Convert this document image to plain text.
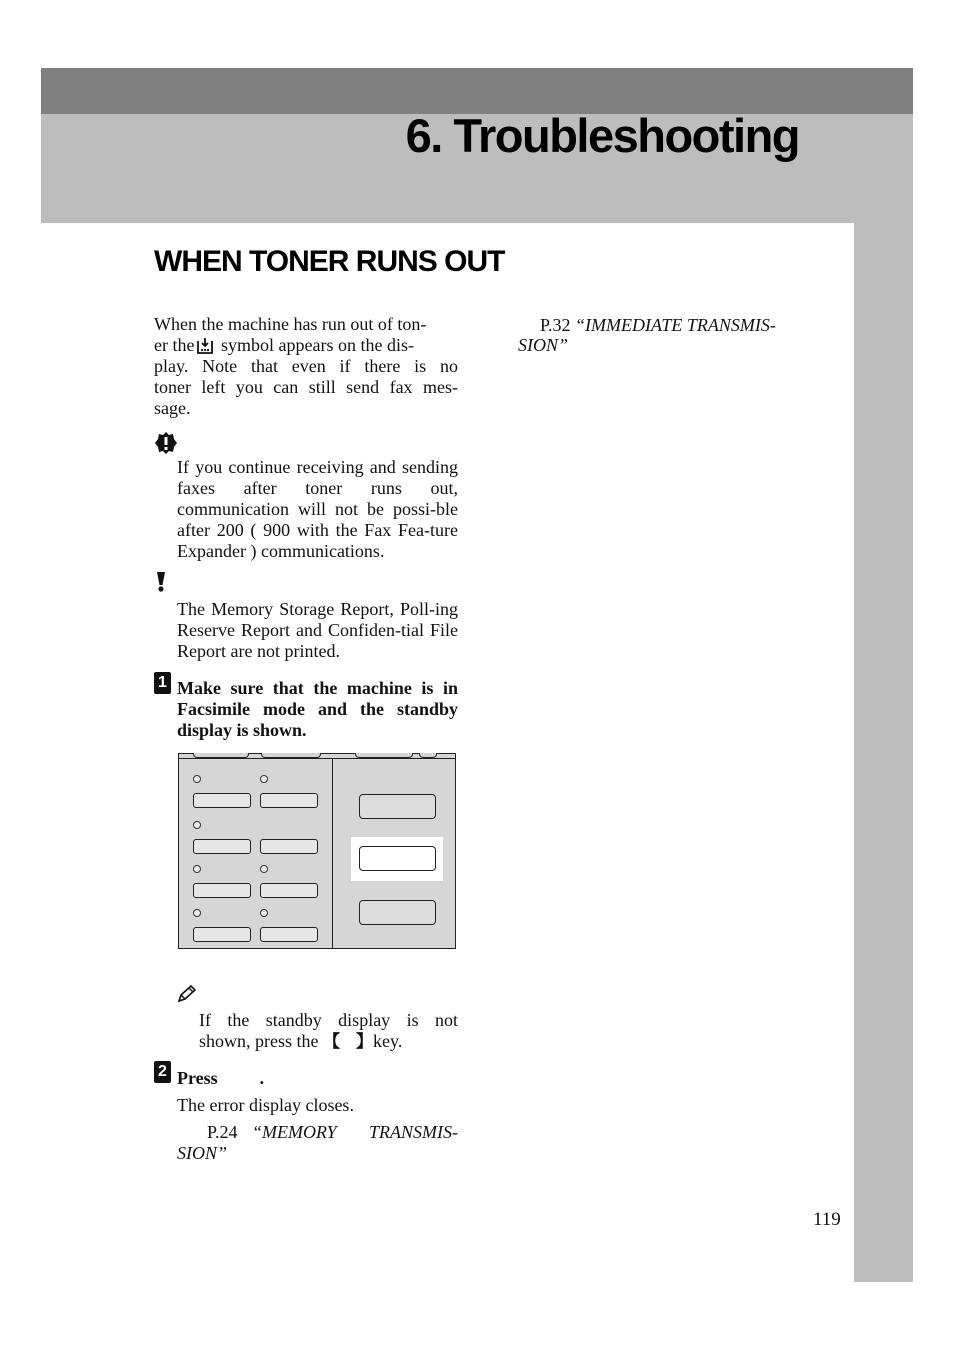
6. Troubleshooting
WHEN TONER RUNS OUT

When the machine has run out of ton-

er the symbol appears on the dis-

play. Note that even if there is no

toner left you can still send fax mes-

sage.

If you continue receiving and sending faxes after toner runs out, communication will not be possi-ble after 200 ( 900 with the Fax Fea-ture Expander ) communications.

The Memory Storage Report, Poll-ing Reserve Report and Confiden-tial File Report are not printed.

1 Make sure that the machine is in Facsimile mode and the standby display is shown.

If the standby display is not

shown, press the 【 】key.

2 Press .

The error display closes.

P.24 “MEMORY TRANSMIS-

P.32 “IMMEDIATE TRANSMIS-

SION”

119

SION”
